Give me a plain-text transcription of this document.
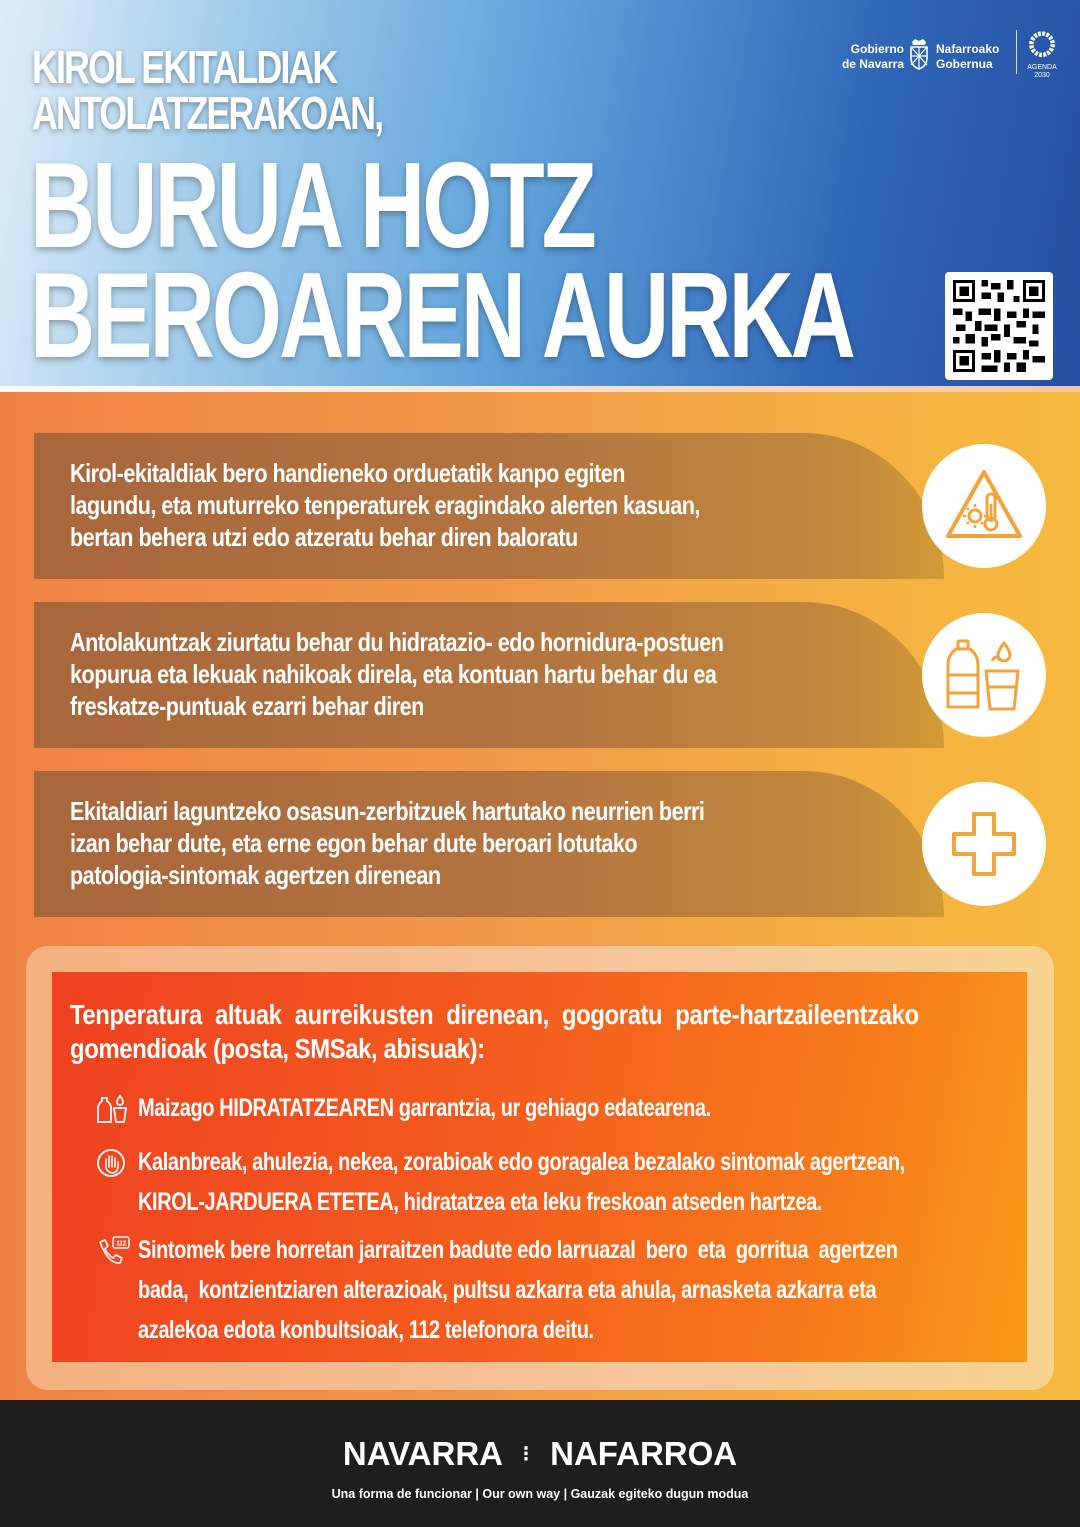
KIROL EKITALDIAK
ANTOLATZERAKOAN,
BURUA HOTZ
BEROAREN AURKA
Gobierno
de Navarra
Nafarroako
Gobernua	AGENDA
2030
Kirol-ekitaldiak bero handieneko orduetatik kanpo egiten
lagundu, eta muturreko tenperaturek eragindako alerten kasuan,
bertan behera utzi edo atzeratu behar diren baloratu
Antolakuntzak ziurtatu behar du hidratazio- edo hornidura-postuen
kopurua eta lekuak nahikoak direla, eta kontuan hartu behar du ea
freskatze-puntuak ezarri behar diren
Ekitaldiari laguntzeko osasun-zerbitzuek hartutako neurrien berri
izan behar dute, eta erne egon behar dute beroari lotutako
patologia-sintomak agertzen direnean
Tenperatura altuak aurreikusten direnean, gogoratu parte-hartzaileentzako
gomendioak (posta, SMSak, abisuak):
Maizago HIDRATATZEAREN garrantzia, ur gehiago edatearena.
Kalanbreak, ahulezia, nekea, zorabioak edo goragalea bezalako sintomak agertzean,
KIROL-JARDUERA ETETEA, hidratatzea eta leku freskoan atseden hartzea.
112 Sintomek bere horretan jarraitzen badute edo larruazal  bero  eta  gorritua  agertzen
bada,  kontzientziaren alterazioak, pultsu azkarra eta ahula, arnasketa azkarra eta
azalekoa edota konbultsioak, 112 telefonora deitu.
NAVARRA ⁝ NAFARROA
Una forma de funcionar | Our own way | Gauzak egiteko dugun modua
